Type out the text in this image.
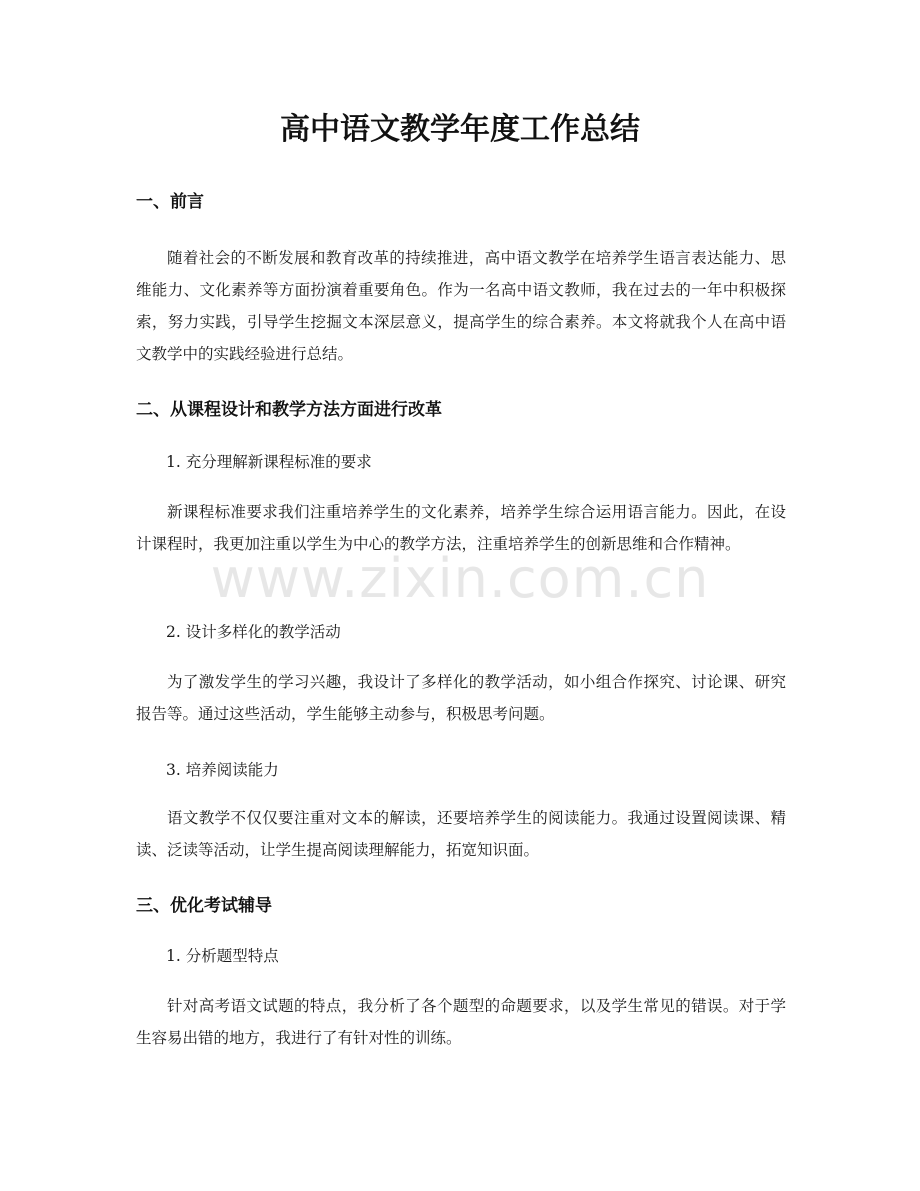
高中语文教学年度工作总结
一、前言

随着社会的不断发展和教育改革的持续推进，高中语文教学在培养学生语言表达能力、思维能力、文化素养等方面扮演着重要角色。作为一名高中语文教师，我在过去的一年中积极探索，努力实践，引导学生挖掘文本深层意义，提高学生的综合素养。本文将就我个人在高中语文教学中的实践经验进行总结。

二、从课程设计和教学方法方面进行改革

1. 充分理解新课程标准的要求

新课程标准要求我们注重培养学生的文化素养，培养学生综合运用语言能力。因此，在设计课程时，我更加注重以学生为中心的教学方法，注重培养学生的创新思维和合作精神。

2. 设计多样化的教学活动

为了激发学生的学习兴趣，我设计了多样化的教学活动，如小组合作探究、讨论课、研究报告等。通过这些活动，学生能够主动参与，积极思考问题。

3. 培养阅读能力

语文教学不仅仅要注重对文本的解读，还要培养学生的阅读能力。我通过设置阅读课、精读、泛读等活动，让学生提高阅读理解能力，拓宽知识面。

三、优化考试辅导

1. 分析题型特点

针对高考语文试题的特点，我分析了各个题型的命题要求，以及学生常见的错误。对于学生容易出错的地方，我进行了有针对性的训练。

www.zixin.com.cn
